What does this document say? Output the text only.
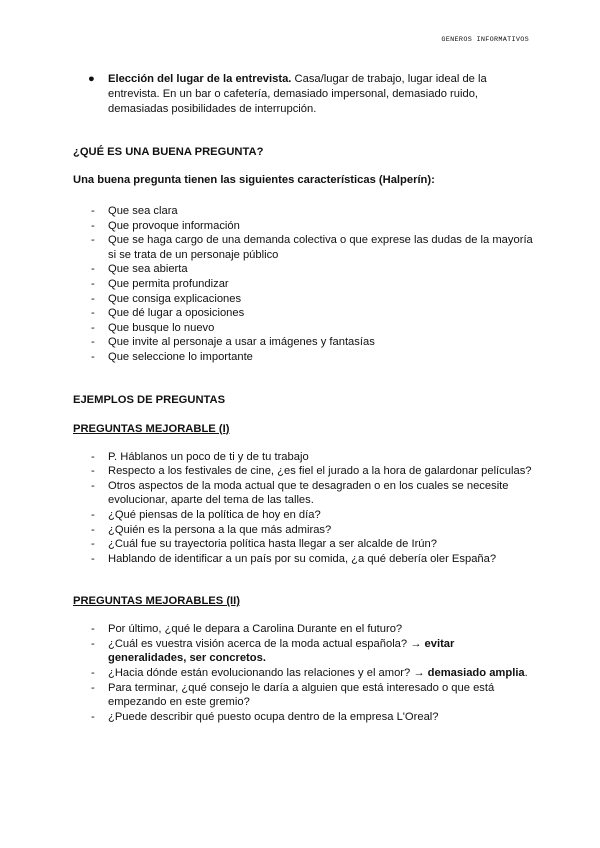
GENEROS INFORMATIVOS

● Elección del lugar de la entrevista. Casa/lugar de trabajo, lugar ideal de la entrevista. En un bar o cafetería, demasiado impersonal, demasiado ruido, demasiadas posibilidades de interrupción.

¿QUÉ ES UNA BUENA PREGUNTA?

Una buena pregunta tienen las siguientes características (Halperín):

- Que sea clara
- Que provoque información
- Que se haga cargo de una demanda colectiva o que exprese las dudas de la mayoría si se trata de un personaje público
- Que sea abierta
- Que permita profundizar
- Que consiga explicaciones
- Que dé lugar a oposiciones
- Que busque lo nuevo
- Que invite al personaje a usar a imágenes y fantasías
- Que seleccione lo importante

EJEMPLOS DE PREGUNTAS

PREGUNTAS MEJORABLE (I)

- P. Háblanos un poco de ti y de tu trabajo
- Respecto a los festivales de cine, ¿es fiel el jurado a la hora de galardonar películas?
- Otros aspectos de la moda actual que te desagraden o en los cuales se necesite evolucionar, aparte del tema de las talles.
- ¿Qué piensas de la política de hoy en día?
- ¿Quién es la persona a la que más admiras?
- ¿Cuál fue su trayectoria política hasta llegar a ser alcalde de Irún?
- Hablando de identificar a un país por su comida, ¿a qué debería oler España?

PREGUNTAS MEJORABLES (II)

- Por último, ¿qué le depara a Carolina Durante en el futuro?
- ¿Cuál es vuestra visión acerca de la moda actual española? → evitar generalidades, ser concretos.
- ¿Hacia dónde están evolucionando las relaciones y el amor? → demasiado amplia.
- Para terminar, ¿qué consejo le daría a alguien que está interesado o que está empezando en este gremio?
- ¿Puede describir qué puesto ocupa dentro de la empresa L'Oreal?
